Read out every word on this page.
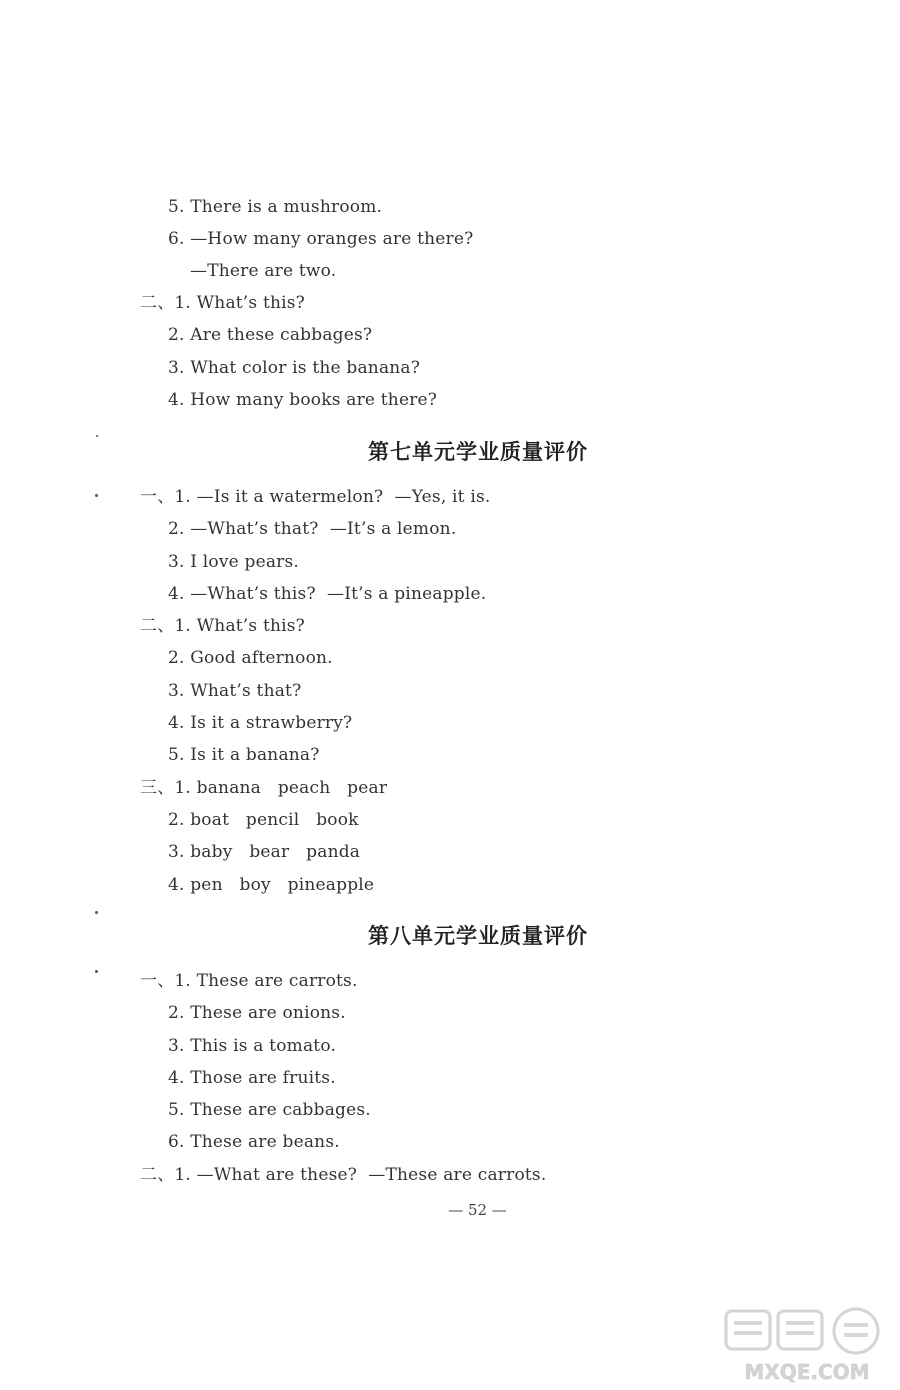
5. There is a mushroom.
6. —How many oranges are there?
—There are two.
二、1. What’s this?
2. Are these cabbages?
3. What color is the banana?
4. How many books are there?
第七单元学业质量评价
一、1. —Is it a watermelon?  —Yes, it is.
2. —What’s that?  —It’s a lemon.
3. I love pears.
4. —What’s this?  —It’s a pineapple.
二、1. What’s this?
2. Good afternoon.
3. What’s that?
4. Is it a strawberry?
5. Is it a banana?
三、1. banana   peach   pear
2. boat   pencil   book
3. baby   bear   panda
4. pen   boy   pineapple
第八单元学业质量评价
一、1. These are carrots.
2. These are onions.
3. This is a tomato.
4. Those are fruits.
5. These are cabbages.
6. These are beans.
二、1. —What are these?  —These are carrots.
— 52 —
MXQE.COM
